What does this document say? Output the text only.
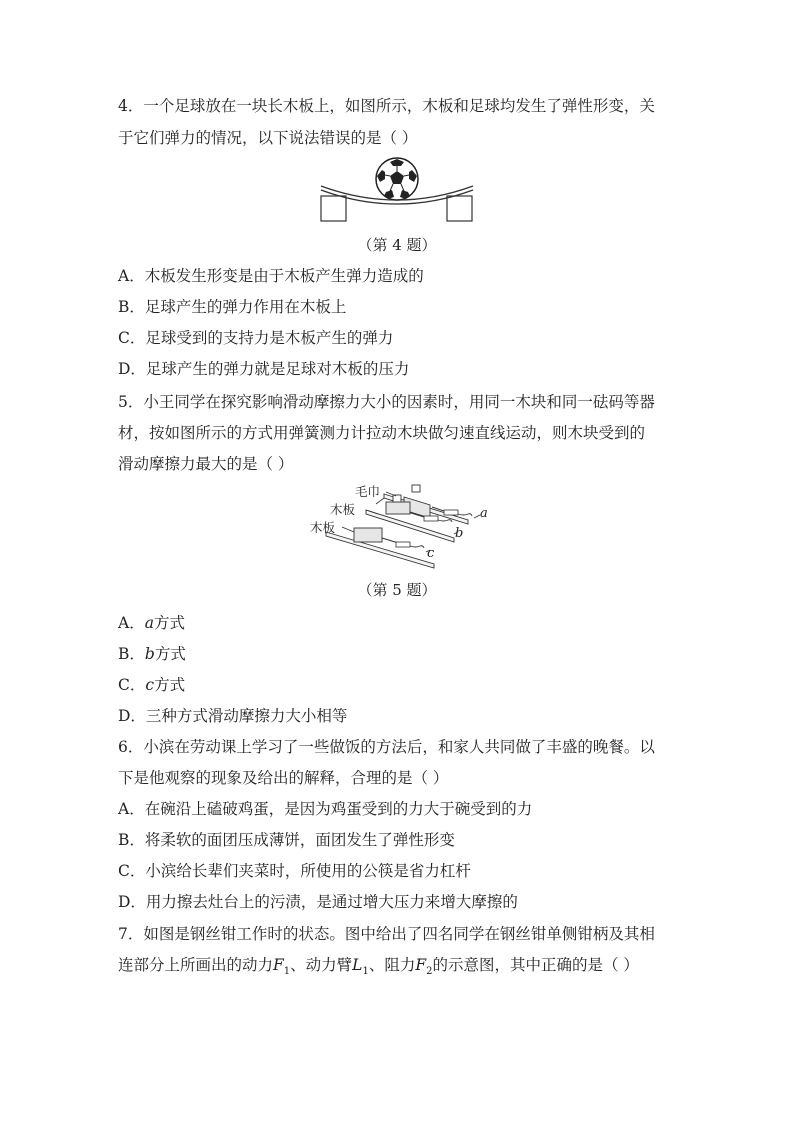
4．一个足球放在一块长木板上，如图所示，木板和足球均发生了弹性形变，关
于它们弹力的情况，以下说法错误的是（ ）
（第 4 题）
A．木板发生形变是由于木板产生弹力造成的
B．足球产生的弹力作用在木板上
C．足球受到的支持力是木板产生的弹力
D．足球产生的弹力就是足球对木板的压力
5．小王同学在探究影响滑动摩擦力大小的因素时，用同一木块和同一砝码等器
材，按如图所示的方式用弹簧测力计拉动木块做匀速直线运动，则木块受到的
滑动摩擦力最大的是（ ）
毛巾
木板
木板
a
b
c
（第 5 题）
A．a方式
B．b方式
C．c方式
D．三种方式滑动摩擦力大小相等
6．小滨在劳动课上学习了一些做饭的方法后，和家人共同做了丰盛的晚餐。以
下是他观察的现象及给出的解释，合理的是（ ）
A．在碗沿上磕破鸡蛋，是因为鸡蛋受到的力大于碗受到的力
B．将柔软的面团压成薄饼，面团发生了弹性形变
C．小滨给长辈们夹菜时，所使用的公筷是省力杠杆
D．用力擦去灶台上的污渍，是通过增大压力来增大摩擦的
7．如图是钢丝钳工作时的状态。图中给出了四名同学在钢丝钳单侧钳柄及其相
连部分上所画出的动力$F_1$、动力臂$L_1$、阻力$F_2$的示意图，其中正确的是（ ）
